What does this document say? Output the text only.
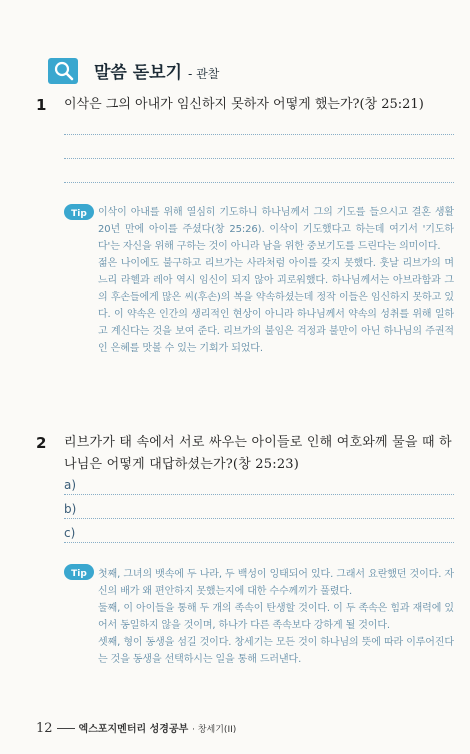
말씀 돋보기 - 관찰
1 이삭은 그의 아내가 임신하지 못하자 어떻게 했는가?(창 25:21)
Tip 이삭이 아내를 위해 열심히 기도하니 하나님께서 그의 기도를 들으시고 결혼 생활 20년 만에 아이를 주셨다(창 25:26). 이삭이 기도했다고 하는데 여기서 '기도하다'는 자신을 위해 구하는 것이 아니라 남을 위한 중보기도를 드린다는 의미이다.

젊은 나이에도 불구하고 리브가는 사라처럼 아이를 갖지 못했다. 훗날 리브가의 며느리 라헬과 레아 역시 임신이 되지 않아 괴로워했다. 하나님께서는 아브라함과 그의 후손들에게 많은 씨(후손)의 복을 약속하셨는데 정작 이들은 임신하지 못하고 있다. 이 약속은 인간의 생리적인 현상이 아니라 하나님께서 약속의 성취를 위해 일하고 계신다는 것을 보여 준다. 리브가의 불임은 걱정과 불만이 아닌 하나님의 주권적인 은혜를 맛볼 수 있는 기회가 되었다.

2 리브가가 태 속에서 서로 싸우는 아이들로 인해 여호와께 물을 때 하나님은 어떻게 대답하셨는가?(창 25:23)
a)
b)
c)
Tip 첫째, 그녀의 뱃속에 두 나라, 두 백성이 잉태되어 있다. 그래서 요란했던 것이다. 자신의 배가 왜 편안하지 못했는지에 대한 수수께끼가 풀렸다.

둘째, 이 아이들을 통해 두 개의 족속이 탄생할 것이다. 이 두 족속은 힘과 재력에 있어서 동일하지 않을 것이며, 하나가 다른 족속보다 강하게 될 것이다.

셋째, 형이 동생을 섬길 것이다. 창세기는 모든 것이 하나님의 뜻에 따라 이루어진다는 것을 동생을 선택하시는 일을 통해 드러낸다.

12	엑스포지멘터리 성경공부 · 창세기(II)
